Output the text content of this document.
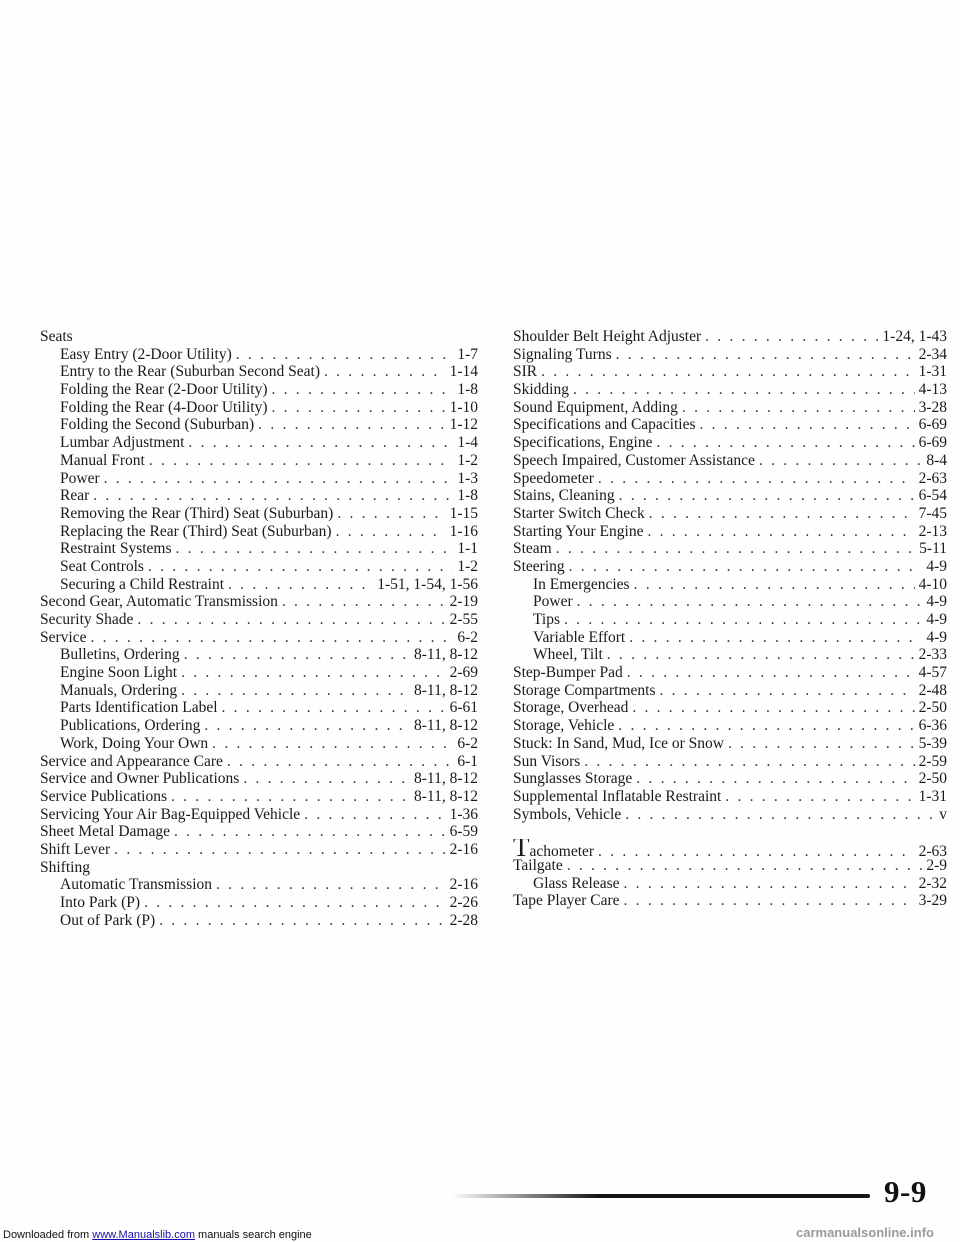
Seats
Easy Entry (2-Door Utility) . . .	1-7
Entry to the Rear (Suburban Second Seat) . . .	1-14
Folding the Rear (2-Door Utility) . . .	1-8
Folding the Rear (4-Door Utility) . . .	1-10
Folding the Second (Suburban) . . .	1-12
Lumbar Adjustment . . .	1-4
Manual Front . . .	1-2
Power . . .	1-3
Rear . . .	1-8
Removing the Rear (Third) Seat (Suburban) . . .	1-15
Replacing the Rear (Third) Seat (Suburban) . . .	1-16
Restraint Systems . . .	1-1
Seat Controls . . .	1-2
Securing a Child Restraint . . .	1-51, 1-54, 1-56
Second Gear, Automatic Transmission . . .	2-19
Security Shade . . .	2-55
Service . . .	6-2
Bulletins, Ordering . . .	8-11, 8-12
Engine Soon Light . . .	2-69
Manuals, Ordering . . .	8-11, 8-12
Parts Identification Label . . .	6-61
Publications, Ordering . . .	8-11, 8-12
Work, Doing Your Own . . .	6-2
Service and Appearance Care . . .	6-1
Service and Owner Publications . . .	8-11, 8-12
Service Publications . . .	8-11, 8-12
Servicing Your Air Bag-Equipped Vehicle . . .	1-36
Sheet Metal Damage . . .	6-59
Shift Lever . . .	2-16
Shifting
Automatic Transmission . . .	2-16
Into Park (P) . . .	2-26
Out of Park (P) . . .	2-28
Shoulder Belt Height Adjuster . . .	1-24, 1-43
Signaling Turns . . .	2-34
SIR . . .	1-31
Skidding . . .	4-13
Sound Equipment, Adding . . .	3-28
Specifications and Capacities . . .	6-69
Specifications, Engine . . .	6-69
Speech Impaired, Customer Assistance . . .	8-4
Speedometer . . .	2-63
Stains, Cleaning . . .	6-54
Starter Switch Check . . .	7-45
Starting Your Engine . . .	2-13
Steam . . .	5-11
Steering . . .	4-9
In Emergencies . . .	4-10
Power . . .	4-9
Tips . . .	4-9
Variable Effort . . .	4-9
Wheel, Tilt . . .	2-33
Step-Bumper Pad . . .	4-57
Storage Compartments . . .	2-48
Storage, Overhead . . .	2-50
Storage, Vehicle . . .	6-36
Stuck: In Sand, Mud, Ice or Snow . . .	5-39
Sun Visors . . .	2-59
Sunglasses Storage . . .	2-50
Supplemental Inflatable Restraint . . .	1-31
Symbols, Vehicle . . .	v
Tachometer . . .	2-63
Tailgate . . .	2-9
Glass Release . . .	2-32
Tape Player Care . . .	3-29
9-9
Downloaded from www.Manualslib.com manuals search engine	carmanualsonline.info
